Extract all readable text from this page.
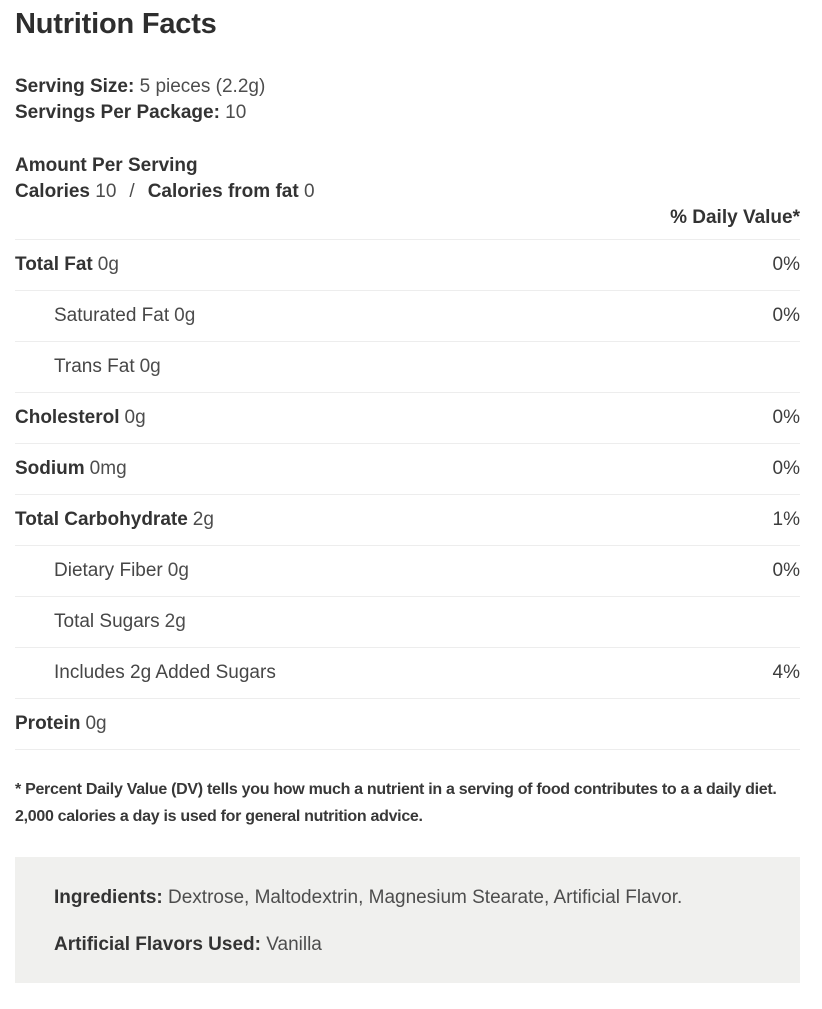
Nutrition Facts
Serving Size: 5 pieces (2.2g)
Servings Per Package: 10
Amount Per Serving
Calories 10 / Calories from fat 0
% Daily Value*
Total Fat 0g	0%
Saturated Fat 0g	0%
Trans Fat 0g
Cholesterol 0g	0%
Sodium 0mg	0%
Total Carbohydrate 2g	1%
Dietary Fiber 0g	0%
Total Sugars 2g
Includes 2g Added Sugars	4%
Protein 0g
* Percent Daily Value (DV) tells you how much a nutrient in a serving of food contributes to a a daily diet.
2,000 calories a day is used for general nutrition advice.

Ingredients: Dextrose, Maltodextrin, Magnesium Stearate, Artificial Flavor.

Artificial Flavors Used: Vanilla
